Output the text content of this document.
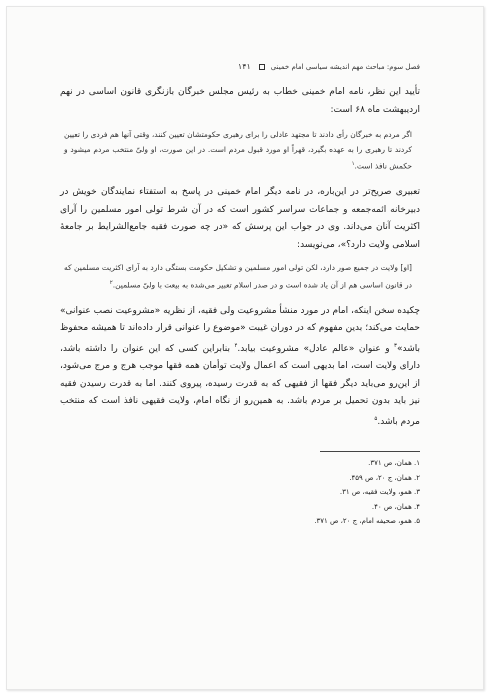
فصل سوم: مباحث مهم اندیشه سیاسی امام خمینی
١۴١

تأیید این نظر، نامه امام خمینی خطاب به رئیس مجلس خبرگان بازنگری قانون اساسی در نهم اردیبهشت ماه ۶۸ است:

اگر مردم به خبرگان رأی دادند تا مجتهد عادلی را برای رهبری حکومتشان تعیین کنند، وقتی آنها هم فردی را تعیین کردند تا رهبری را به عهده بگیرد، قهراً او مورد قبول مردم است. در این صورت، او ولیّ منتخب مردم میشود و حکمش نافذ است.$^١$

تعبیری صریح‌تر در این‌باره، در نامه دیگر امام خمینی در پاسخ به استفتاء نمایندگان خویش در دبیرخانه ائمه‌جمعه و جماعات سراسر کشور است که در آن شرط تولی امور مسلمین را آرای اکثریت آنان می‌داند. وی در جواب این پرسش که «در چه صورت فقیه جامع‌الشرایط بر جامعهٔ اسلامی ولایت دارد؟»، می‌نویسد:

[او] ولایت در جمیع صور دارد، لکن تولی امور مسلمین و تشکیل حکومت بستگی دارد به آرای اکثریت مسلمین که در قانون اساسی هم از آن یاد شده است و در صدر اسلام تعبیر می‌شده به بیعت با ولیّ مسلمین.$^٢$

چکیده سخن اینکه، امام در مورد منشأ مشروعیت ولی فقیه، از نظریه «مشروعیت نصب عنوانی» حمایت می‌کند؛ بدین مفهوم که در دوران غیبت «موضوع را عنوانی قرار داده‌اند تا همیشه محفوظ باشد»$^٣$ و عنوان «عالم عادل» مشروعیت بیابد.$^۴$ بنابراین کسی که این عنوان را داشته باشد، دارای ولایت است، اما بدیهی است که اعمال ولایت توأمان همه فقها موجب هرج و مرج می‌شود، از این‌رو می‌باید دیگر فقها از فقیهی که به قدرت رسیده، پیروی کنند. اما به قدرت رسیدن فقیه نیز باید بدون تحمیل بر مردم باشد. به همین‌رو از نگاه امام، ولایت فقیهی نافذ است که منتخب مردم باشد.$^۵$

١. همان، ص ٣٧١.

٢. همان، ج ٢٠، ص ۴۵٩.

٣. همو، ولایت فقیه، ص ٣١.

۴. همان، ص ۴٠.

۵. همو، صحیفه امام، ج ٢٠، ص ٣٧١.
